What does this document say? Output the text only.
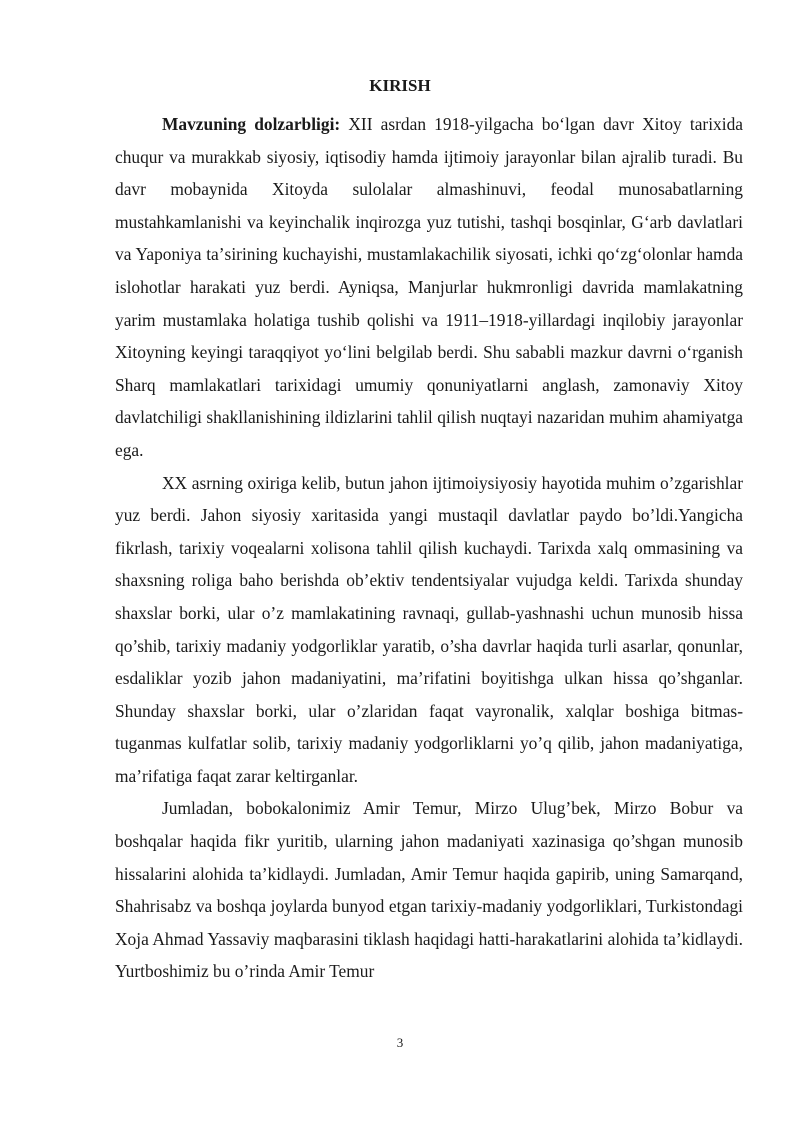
KIRISH

Mavzuning dolzarbligi: XII asrdan 1918-yilgacha boʻlgan davr Xitoy tarixida chuqur va murakkab siyosiy, iqtisodiy hamda ijtimoiy jarayonlar bilan ajralib turadi. Bu davr mobaynida Xitoyda sulolalar almashinuvi, feodal munosabatlarning mustahkamlanishi va keyinchalik inqirozga yuz tutishi, tashqi bosqinlar, Gʻarb davlatlari va Yaponiya taʼsirining kuchayishi, mustamlakachilik siyosati, ichki qoʻzgʻolonlar hamda islohotlar harakati yuz berdi. Ayniqsa, Manjurlar hukmronligi davrida mamlakatning yarim mustamlaka holatiga tushib qolishi va 1911–1918-yillardagi inqilobiy jarayonlar Xitoyning keyingi taraqqiyot yoʻlini belgilab berdi. Shu sababli mazkur davrni oʻrganish Sharq mamlakatlari tarixidagi umumiy qonuniyatlarni anglash, zamonaviy Xitoy davlatchiligi shakllanishining ildizlarini tahlil qilish nuqtayi nazaridan muhim ahamiyatga ega.

XX asrning oxiriga kelib, butun jahon ijtimoiysiyosiy hayotida muhim o’zgarishlar yuz berdi. Jahon siyosiy xaritasida yangi mustaqil davlatlar paydo bo’ldi.Yangicha fikrlash, tarixiy voqealarni xolisona tahlil qilish kuchaydi. Tarixda xalq ommasining va shaxsning roliga baho berishda ob’ektiv tendentsiyalar vujudga keldi. Tarixda shunday shaxslar borki, ular o’z mamlakatining ravnaqi, gullab-yashnashi uchun munosib hissa qo’shib, tarixiy madaniy yodgorliklar yaratib, o’sha davrlar haqida turli asarlar, qonunlar, esdaliklar yozib jahon madaniyatini, ma’rifatini boyitishga ulkan hissa qo’shganlar. Shunday shaxslar borki, ular o’zlaridan faqat vayronalik, xalqlar boshiga bitmas-tuganmas kulfatlar solib, tarixiy madaniy yodgorliklarni yo’q qilib, jahon madaniyatiga, ma’rifatiga faqat zarar keltirganlar.

Jumladan, bobokalonimiz Amir Temur, Mirzo Ulug’bek, Mirzo Bobur va boshqalar haqida fikr yuritib, ularning jahon madaniyati xazinasiga qo’shgan munosib hissalarini alohida ta’kidlaydi. Jumladan, Amir Temur haqida gapirib, uning Samarqand, Shahrisabz va boshqa joylarda bunyod etgan tarixiy-madaniy yodgorliklari, Turkistondagi Xoja Ahmad Yassaviy maqbarasini tiklash haqidagi hatti-harakatlarini alohida ta’kidlaydi. Yurtboshimiz bu o’rinda Amir Temur

3
